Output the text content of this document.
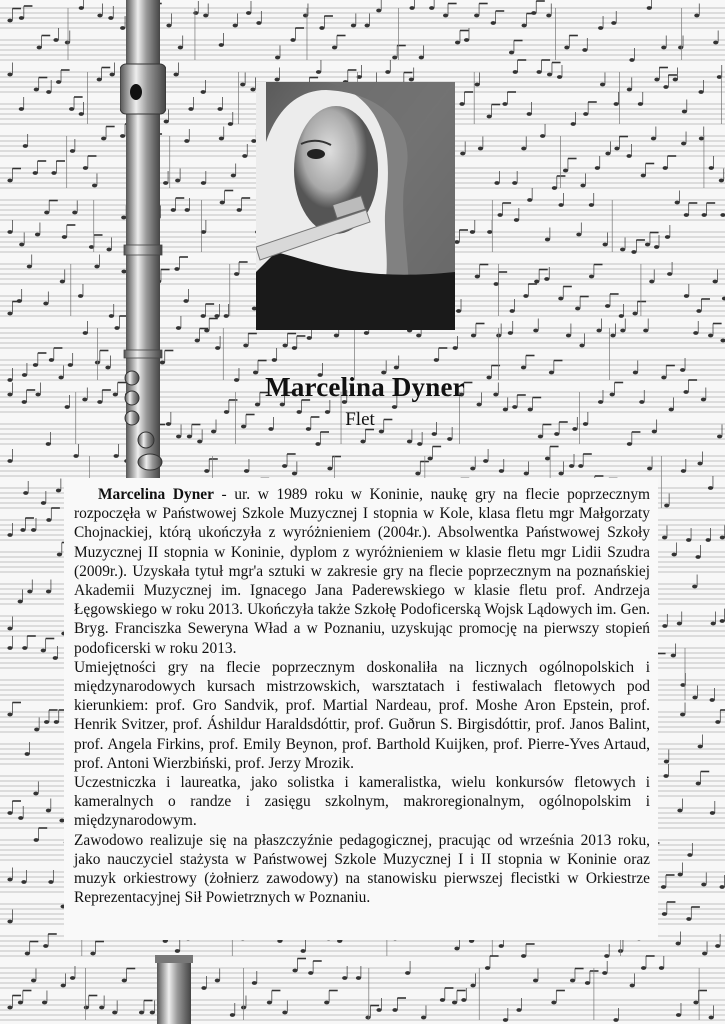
Marcelina Dyner
Flet

Marcelina Dyner - ur. w 1989 roku w Koninie, naukę gry na flecie poprzecznym rozpoczęła w Państwowej Szkole Muzycznej I stopnia w Kole, klasa fletu mgr Małgorzaty Chojnackiej, którą ukończyła z wyróżnieniem (2004r.). Absolwentka Państwowej Szkoły Muzycznej II stopnia w Koninie, dyplom z wyróżnieniem w klasie fletu mgr Lidii Szudra (2009r.). Uzyskała tytuł mgr'a sztuki w zakresie gry na flecie poprzecznym na poznańskiej Akademii Muzycznej im. Ignacego Jana Paderewskiego w klasie fletu prof. Andrzeja Łęgowskiego w roku 2013. Ukończyła także Szkołę Podoficerską Wojsk Lądowych im. Gen. Bryg. Franciszka Seweryna Wład a w Poznaniu, uzyskując promocję na pierwszy stopień podoficerski w roku 2013.

Umiejętności gry na flecie poprzecznym doskonaliła na licznych ogólnopolskich i międzynarodowych kursach mistrzowskich, warsztatach i festiwalach fletowych pod kierunkiem: prof. Gro Sandvik, prof. Martial Nardeau, prof. Moshe Aron Epstein, prof. Henrik Svitzer, prof. Áshildur Haraldsdóttir, prof. Guðrun S. Birgisdóttir, prof. Janos Balint, prof. Angela Firkins, prof. Emily Beynon, prof. Barthold Kuijken, prof. Pierre-Yves Artaud, prof. Antoni Wierzbiński, prof. Jerzy Mrozik.

Uczestniczka i laureatka, jako solistka i kameralistka, wielu konkursów fletowych i kameralnych o randze i zasięgu szkolnym, makroregionalnym, ogólnopolskim i międzynarodowym.

Zawodowo realizuje się na płaszczyźnie pedagogicznej, pracując od września 2013 roku, jako nauczyciel stażysta w Państwowej Szkole Muzycznej I i II stopnia w Koninie oraz muzyk orkiestrowy (żołnierz zawodowy) na stanowisku pierwszej flecistki w Orkiestrze Reprezentacyjnej Sił Powietrznych w Poznaniu.
